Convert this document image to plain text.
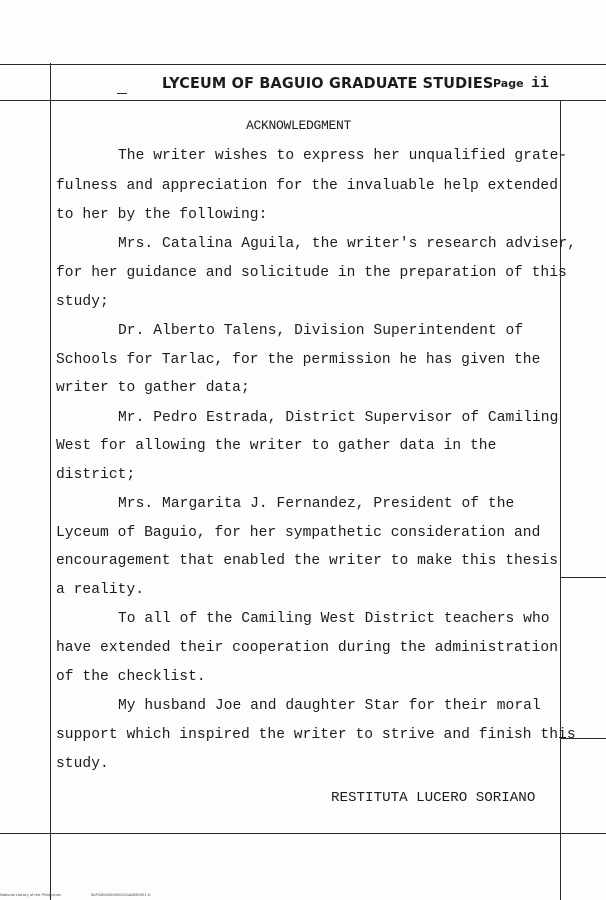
LYCEUM OF BAGUIO GRADUATE STUDIES Page ii
ACKNOWLEDGMENT
The writer wishes to express her unqualified grate-
fulness and appreciation for the invaluable help extended
to her by the following:
Mrs. Catalina Aguila, the writer's research adviser,
for her guidance and solicitude in the preparation of this
study;
Dr. Alberto Talens, Division Superintendent of
Schools for Tarlac, for the permission he has given the
writer to gather data;
Mr. Pedro Estrada, District Supervisor of Camiling
West for allowing the writer to gather data in the
district;
Mrs. Margarita J. Fernandez, President of the
Lyceum of Baguio, for her sympathetic consideration and
encouragement that enabled the writer to make this thesis
a reality.
To all of the Camiling West District teachers who
have extended their cooperation during the administration
of the checklist.
My husband Joe and daughter Star for their moral
support which inspired the writer to strive and finish this
study.
RESTITUTA LUCERO SORIANO
National Library of the Philippines	NLPGD0000000001GADM0001 iii
